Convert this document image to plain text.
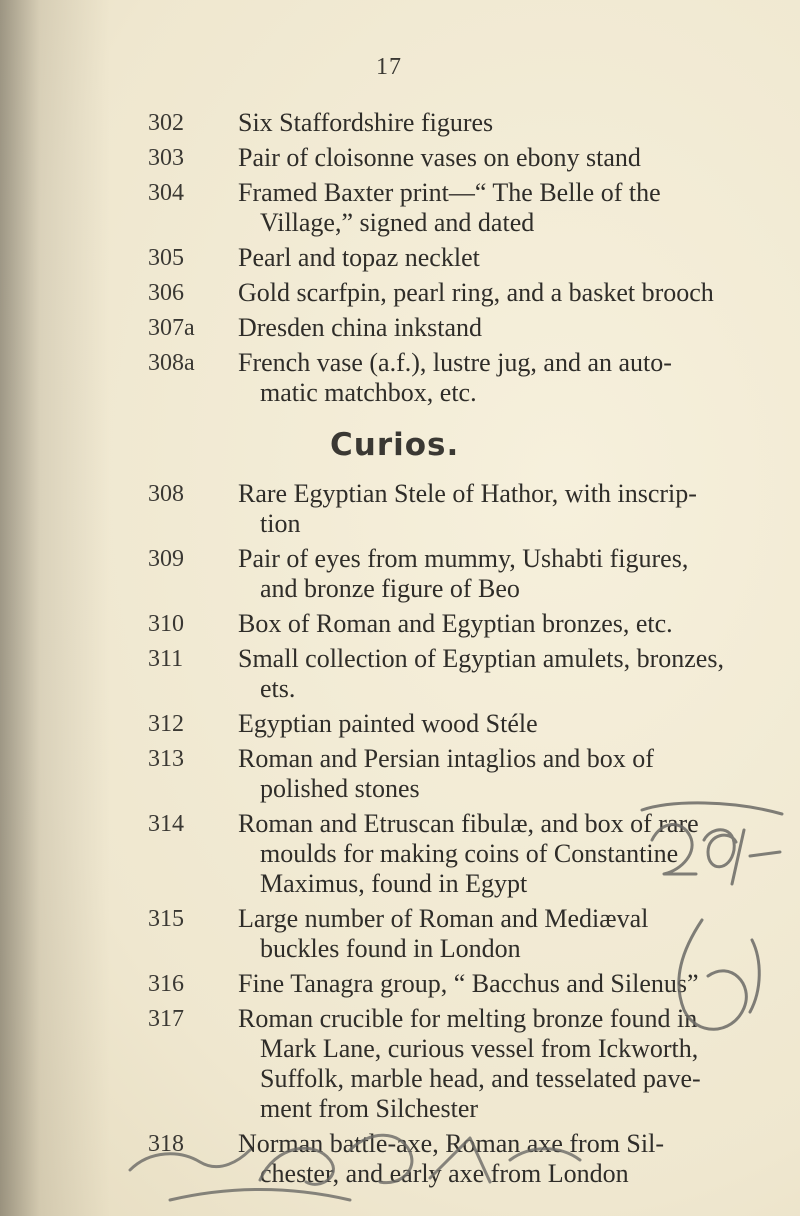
17
302	Six Staffordshire figures
303	Pair of cloisonne vases on ebony stand
304	Framed Baxter print—“ The Belle of the
Village,” signed and dated
305	Pearl and topaz necklet
306	Gold scarfpin, pearl ring, and a basket brooch
307a	Dresden china inkstand
308a	French vase (a.f.), lustre jug, and an auto-
matic matchbox, etc.
Curios.
308	Rare Egyptian Stele of Hathor, with inscrip-
tion
309	Pair of eyes from mummy, Ushabti figures,
and bronze figure of Beo
310	Box of Roman and Egyptian bronzes, etc.
311	Small collection of Egyptian amulets, bronzes,
ets.
312	Egyptian painted wood Stéle
313	Roman and Persian intaglios and box of
polished stones
314	Roman and Etruscan fibulæ, and box of rare
moulds for making coins of Constantine
Maximus, found in Egypt
315	Large number of Roman and Mediæval
buckles found in London
316	Fine Tanagra group, “ Bacchus and Silenus”
317	Roman crucible for melting bronze found in
Mark Lane, curious vessel from Ickworth,
Suffolk, marble head, and tesselated pave-
ment from Silchester
318	Norman battle-axe, Roman axe from Sil-
chester, and early axe from London
